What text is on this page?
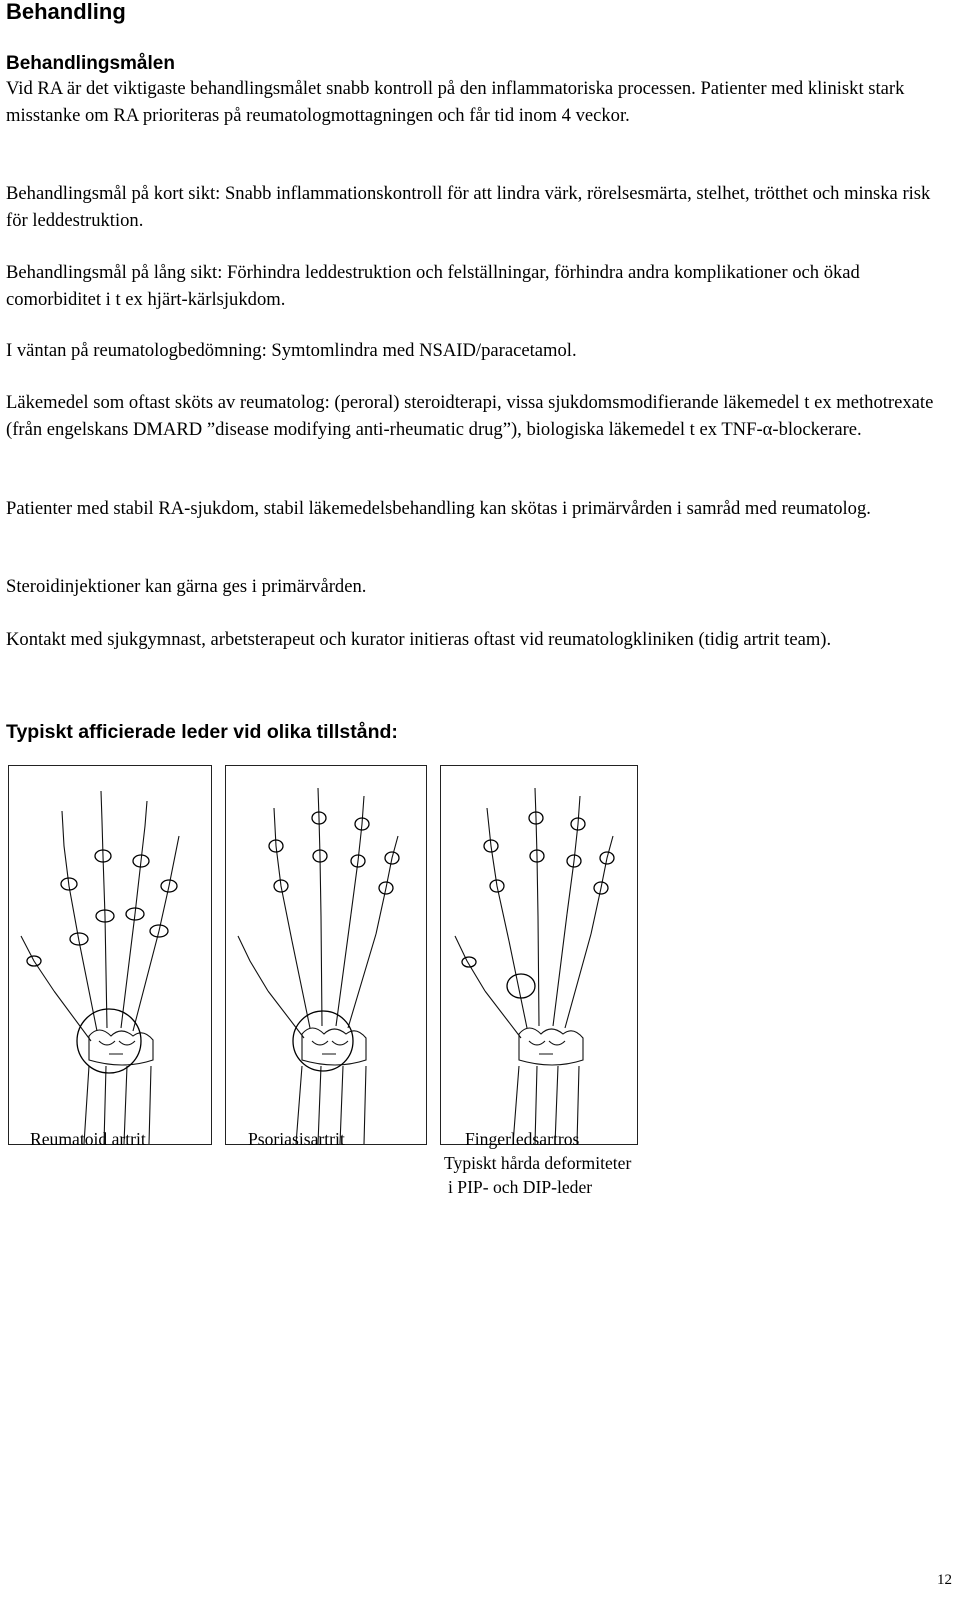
Behandling
Behandlingsmålen

Vid RA är det viktigaste behandlingsmålet snabb kontroll på den inflammatoriska processen. Patienter med kliniskt stark misstanke om RA prioriteras på reumatologmottagningen och får tid inom 4 veckor.

Behandlingsmål på kort sikt: Snabb inflammationskontroll för att lindra värk, rörelsesmärta, stelhet, trötthet och minska risk för leddestruktion.

Behandlingsmål på lång sikt: Förhindra leddestruktion och felställningar, förhindra andra komplikationer och ökad comorbiditet i t ex hjärt-kärlsjukdom.

I väntan på reumatologbedömning: Symtomlindra med NSAID/paracetamol.

Läkemedel som oftast sköts av reumatolog: (peroral) steroidterapi, vissa sjukdomsmodifierande läkemedel t ex methotrexate (från engelskans DMARD ”disease modifying anti-rheumatic drug”), biologiska läkemedel t ex TNF-α-blockerare.

Patienter med stabil RA-sjukdom, stabil läkemedelsbehandling kan skötas i primärvården i samråd med reumatolog.

Steroidinjektioner kan gärna ges i primärvården.

Kontakt med sjukgymnast, arbetsterapeut och kurator initieras oftast vid reumatologkliniken (tidig artrit team).

Typiskt afficierade leder vid olika tillstånd:
Reumatoid artrit	Psoriasisartrit	Fingerledsartros
Typiskt hårda deformiteter
i PIP- och DIP-leder
12
